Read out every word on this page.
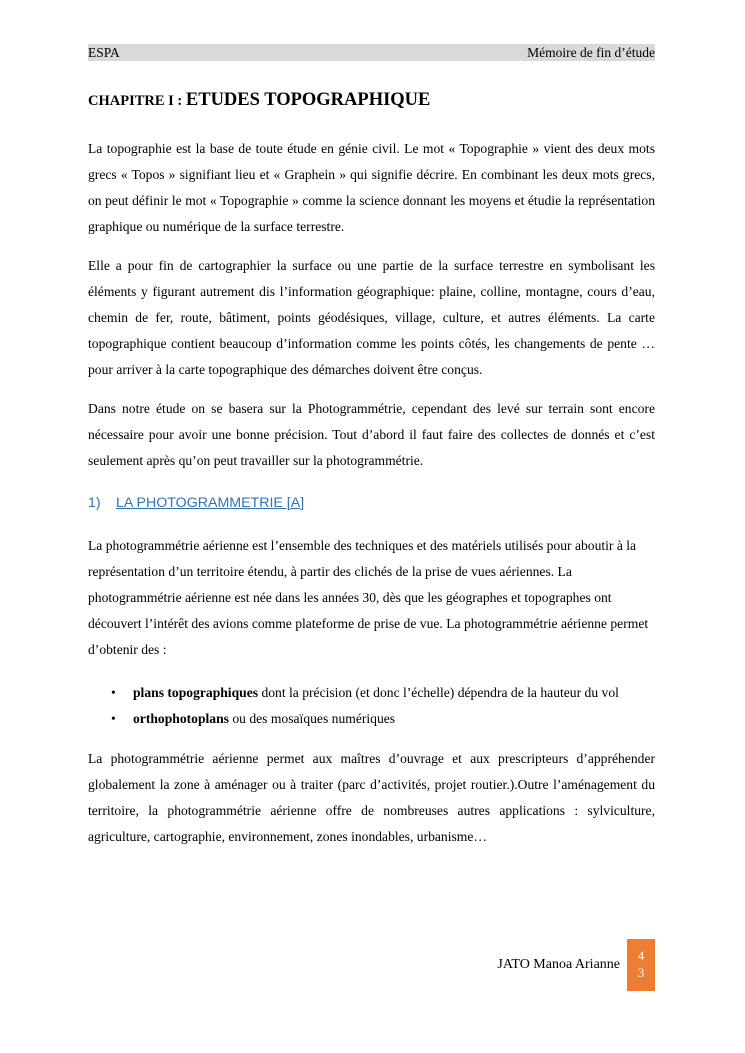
ESPA	Mémoire de fin d’étude
CHAPITRE I : ETUDES TOPOGRAPHIQUE

La topographie est la base de toute étude en génie civil. Le mot « Topographie » vient des deux mots grecs « Topos » signifiant lieu et « Graphein » qui signifie décrire. En combinant les deux mots grecs, on peut définir le mot « Topographie » comme la science donnant les moyens et étudie la représentation graphique ou numérique de la surface terrestre.

Elle a pour fin de cartographier la surface ou une partie de la surface terrestre en symbolisant les éléments y figurant autrement dis l’information géographique: plaine, colline, montagne, cours d’eau, chemin de fer, route, bâtiment, points géodésiques, village, culture, et autres éléments. La carte topographique contient beaucoup d’information comme les points côtés, les changements de pente … pour arriver à la carte topographique des démarches doivent être conçus.

Dans notre étude on se basera sur la Photogrammétrie, cependant des levé sur terrain sont encore nécessaire pour avoir une bonne précision. Tout d’abord il faut faire des collectes de donnés et c’est seulement après qu’on peut travailler sur la photogrammétrie.

1) LA PHOTOGRAMMETRIE [A]

La photogrammétrie aérienne est l’ensemble des techniques et des matériels utilisés pour aboutir à la représentation d’un territoire étendu, à partir des clichés de la prise de vues aériennes. La photogrammétrie aérienne est née dans les années 30, dès que les géographes et topographes ont découvert l’intérêt des avions comme plateforme de prise de vue. La photogrammétrie aérienne permet d’obtenir des :

• plans topographiques dont la précision (et donc l’échelle) dépendra de la hauteur du vol
• orthophotoplans ou des mosaïques numériques

La photogrammétrie aérienne permet aux maîtres d’ouvrage et aux prescripteurs d’appréhender globalement la zone à aménager ou à traiter (parc d’activités, projet routier.).Outre l’aménagement du territoire, la photogrammétrie aérienne offre de nombreuses autres applications : sylviculture, agriculture, cartographie, environnement, zones inondables, urbanisme…

JATO Manoa Arianne
4
3
